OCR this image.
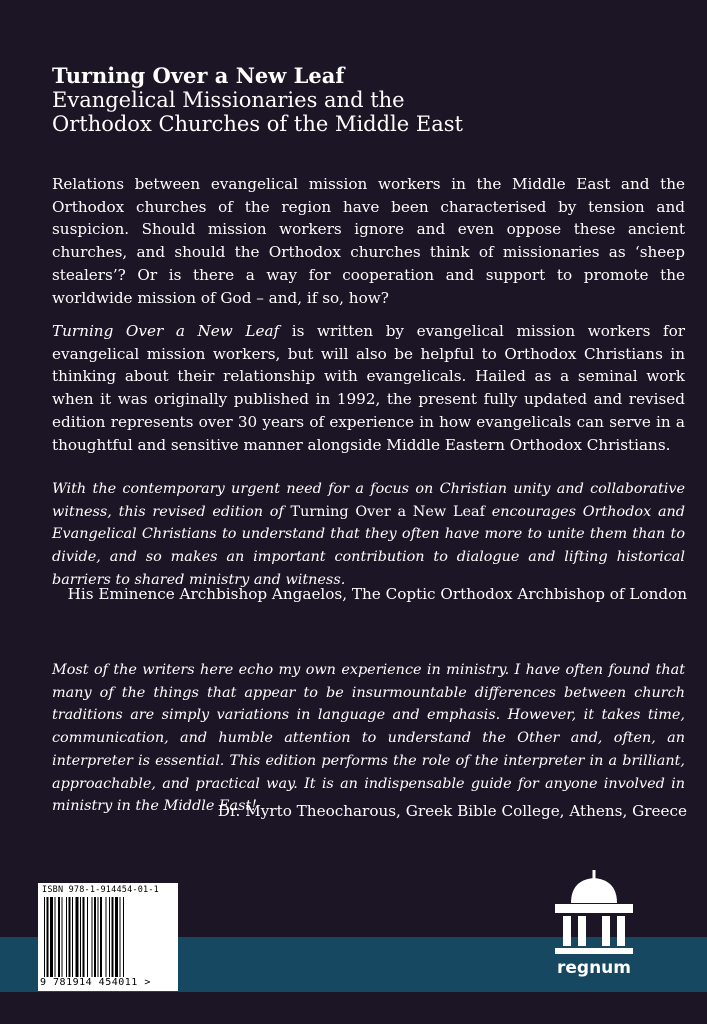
Turning Over a New Leaf
Evangelical Missionaries and the
Orthodox Churches of the Middle East

Relations between evangelical mission workers in the Middle East and the Orthodox churches of the region have been characterised by tension and suspicion. Should mission workers ignore and even oppose these ancient churches, and should the Orthodox churches think of missionaries as ‘sheep stealers’? Or is there a way for cooperation and support to promote the worldwide mission of God – and, if so, how?

Turning Over a New Leaf is written by evangelical mission workers for evangelical mission workers, but will also be helpful to Orthodox Christians in thinking about their relationship with evangelicals. Hailed as a seminal work when it was originally published in 1992, the present fully updated and revised edition represents over 30 years of experience in how evangelicals can serve in a thoughtful and sensitive manner alongside Middle Eastern Orthodox Christians.

With the contemporary urgent need for a focus on Christian unity and collaborative witness, this revised edition of Turning Over a New Leaf encourages Orthodox and Evangelical Christians to understand that they often have more to unite them than to divide, and so makes an important contribution to dialogue and lifting historical barriers to shared ministry and witness.

His Eminence Archbishop Angaelos, The Coptic Orthodox Archbishop of London

Most of the writers here echo my own experience in ministry. I have often found that many of the things that appear to be insurmountable differences between church traditions are simply variations in language and emphasis. However, it takes time, communication, and humble attention to understand the Other and, often, an interpreter is essential. This edition performs the role of the interpreter in a brilliant, approachable, and practical way. It is an indispensable guide for anyone involved in ministry in the Middle East!

Dr. Myrto Theocharous, Greek Bible College, Athens, Greece

ISBN 978-1-914454-01-1
9 781914 454011 >
regnum
